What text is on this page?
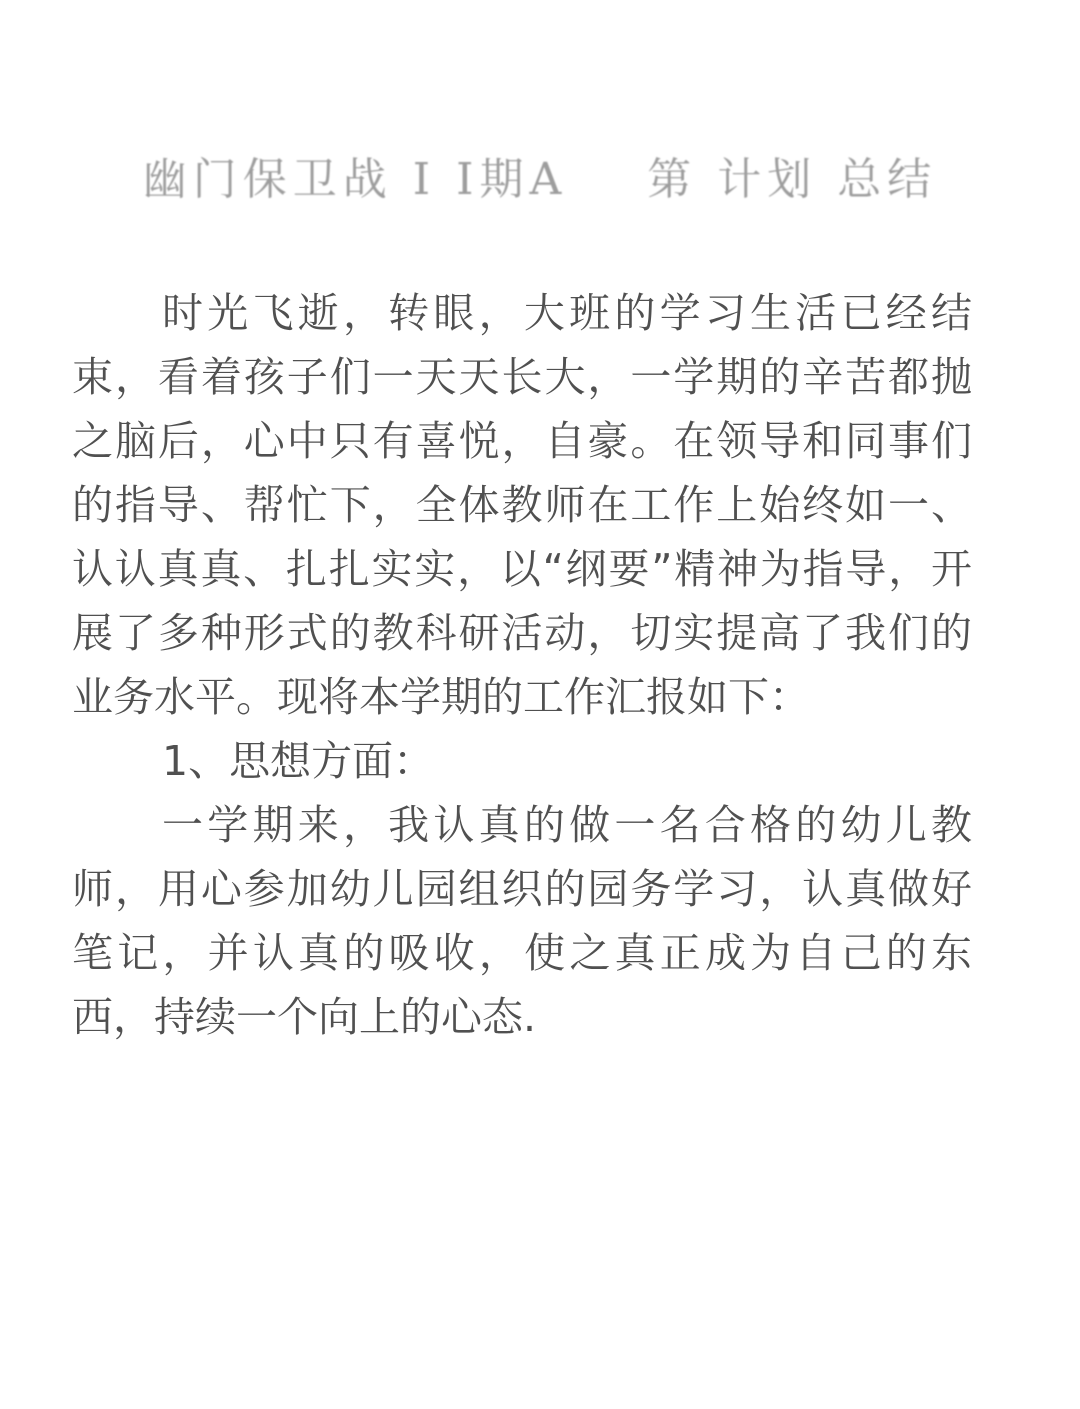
幽门保卫战 I I期A    第 计划 总结

时光飞逝，转眼，大班的学习生活已经结束，看着孩子们一天天长大，一学期的辛苦都抛之脑后，心中只有喜悦，自豪。在领导和同事们的指导、帮忙下，全体教师在工作上始终如一、认认真真、扎扎实实，以“纲要”精神为指导，开展了多种形式的教科研活动，切实提高了我们的业务水平。现将本学期的工作汇报如下：

1、思想方面：

一学期来，我认真的做一名合格的幼儿教师，用心参加幼儿园组织的园务学习，认真做好笔记，并认真的吸收，使之真正成为自己的东西，持续一个向上的心态.
